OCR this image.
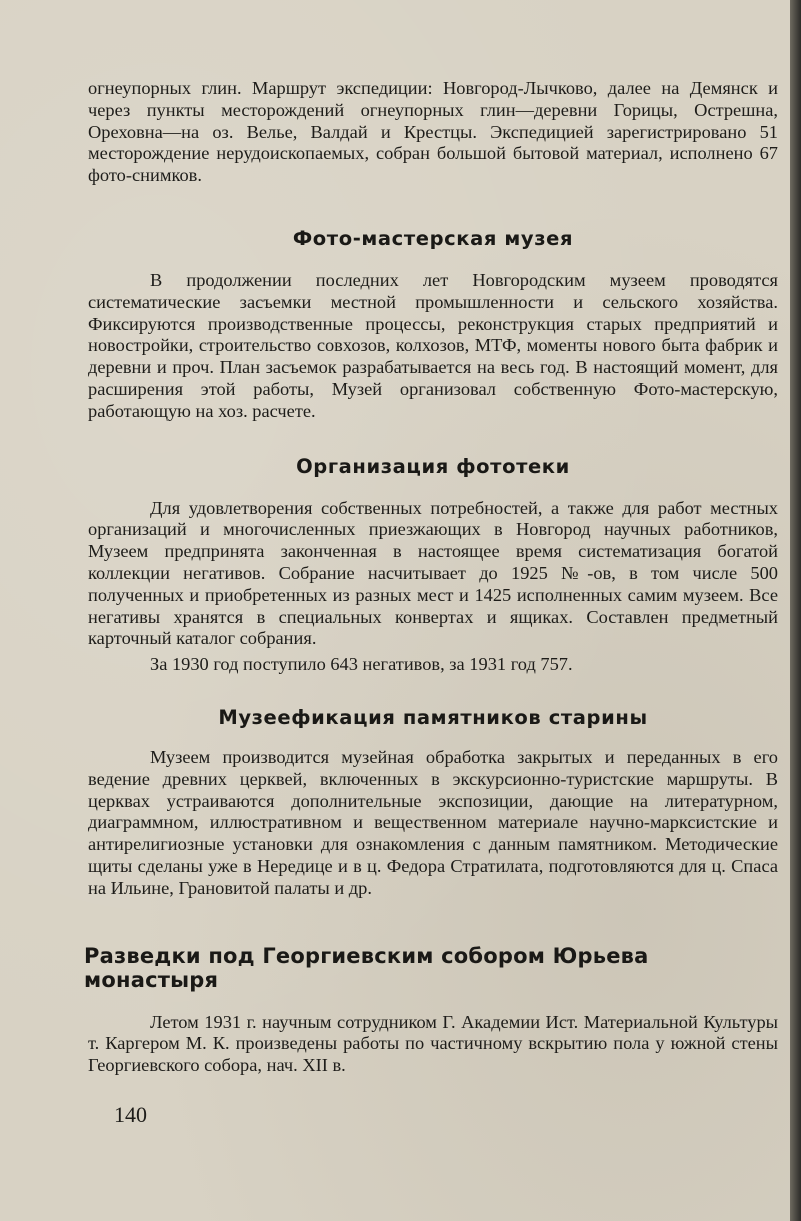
огнеупорных глин. Маршрут экспедиции: Новгород-Лычково, далее на Демянск и через пункты месторождений огнеупорных глин—деревни Горицы, Острешна, Ореховна—на оз. Велье, Валдай и Крестцы. Экспедицией зарегистрировано 51 месторождение нерудоископаемых, собран большой бытовой материал, исполнено 67 фото-снимков.

Фото-мастерская музея

В продолжении последних лет Новгородским музеем проводятся систематические засъемки местной промышленности и сельского хозяйства. Фиксируются производственные процессы, реконструкция старых предприятий и новостройки, строительство совхозов, колхозов, МТФ, моменты нового быта фабрик и деревни и проч. План засъемок разрабатывается на весь год. В настоящий момент, для расширения этой работы, Музей организовал собственную Фото-мастерскую, работающую на хоз. расчете.

Организация фототеки

Для удовлетворения собственных потребностей, а также для работ местных организаций и многочисленных приезжающих в Новгород научных работников, Музеем предпринята законченная в настоящее время систематизация богатой коллекции негативов. Собрание насчитывает до 1925 №-ов, в том числе 500 полученных и приобретенных из разных мест и 1425 исполненных самим музеем. Все негативы хранятся в специальных конвертах и ящиках. Составлен предметный карточный каталог собрания.

За 1930 год поступило 643 негативов, за 1931 год 757.

Музеефикация памятников старины

Музеем производится музейная обработка закрытых и переданных в его ведение древних церквей, включенных в экскурсионно-туристские маршруты. В церквах устраиваются дополнительные экспозиции, дающие на литературном, диаграммном, иллюстративном и вещественном материале научно-марксистские и антирелигиозные установки для ознакомления с данным памятником. Методические щиты сделаны уже в Нередице и в ц. Федора Стратилата, подготовляются для ц. Спаса на Ильине, Грановитой палаты и др.

Разведки под Георгиевским собором Юрьева монастыря

Летом 1931 г. научным сотрудником Г. Академии Ист. Материальной Культуры т. Каргером М. К. произведены работы по частичному вскрытию пола у южной стены Георгиевского собора, нач. XII в.

140
